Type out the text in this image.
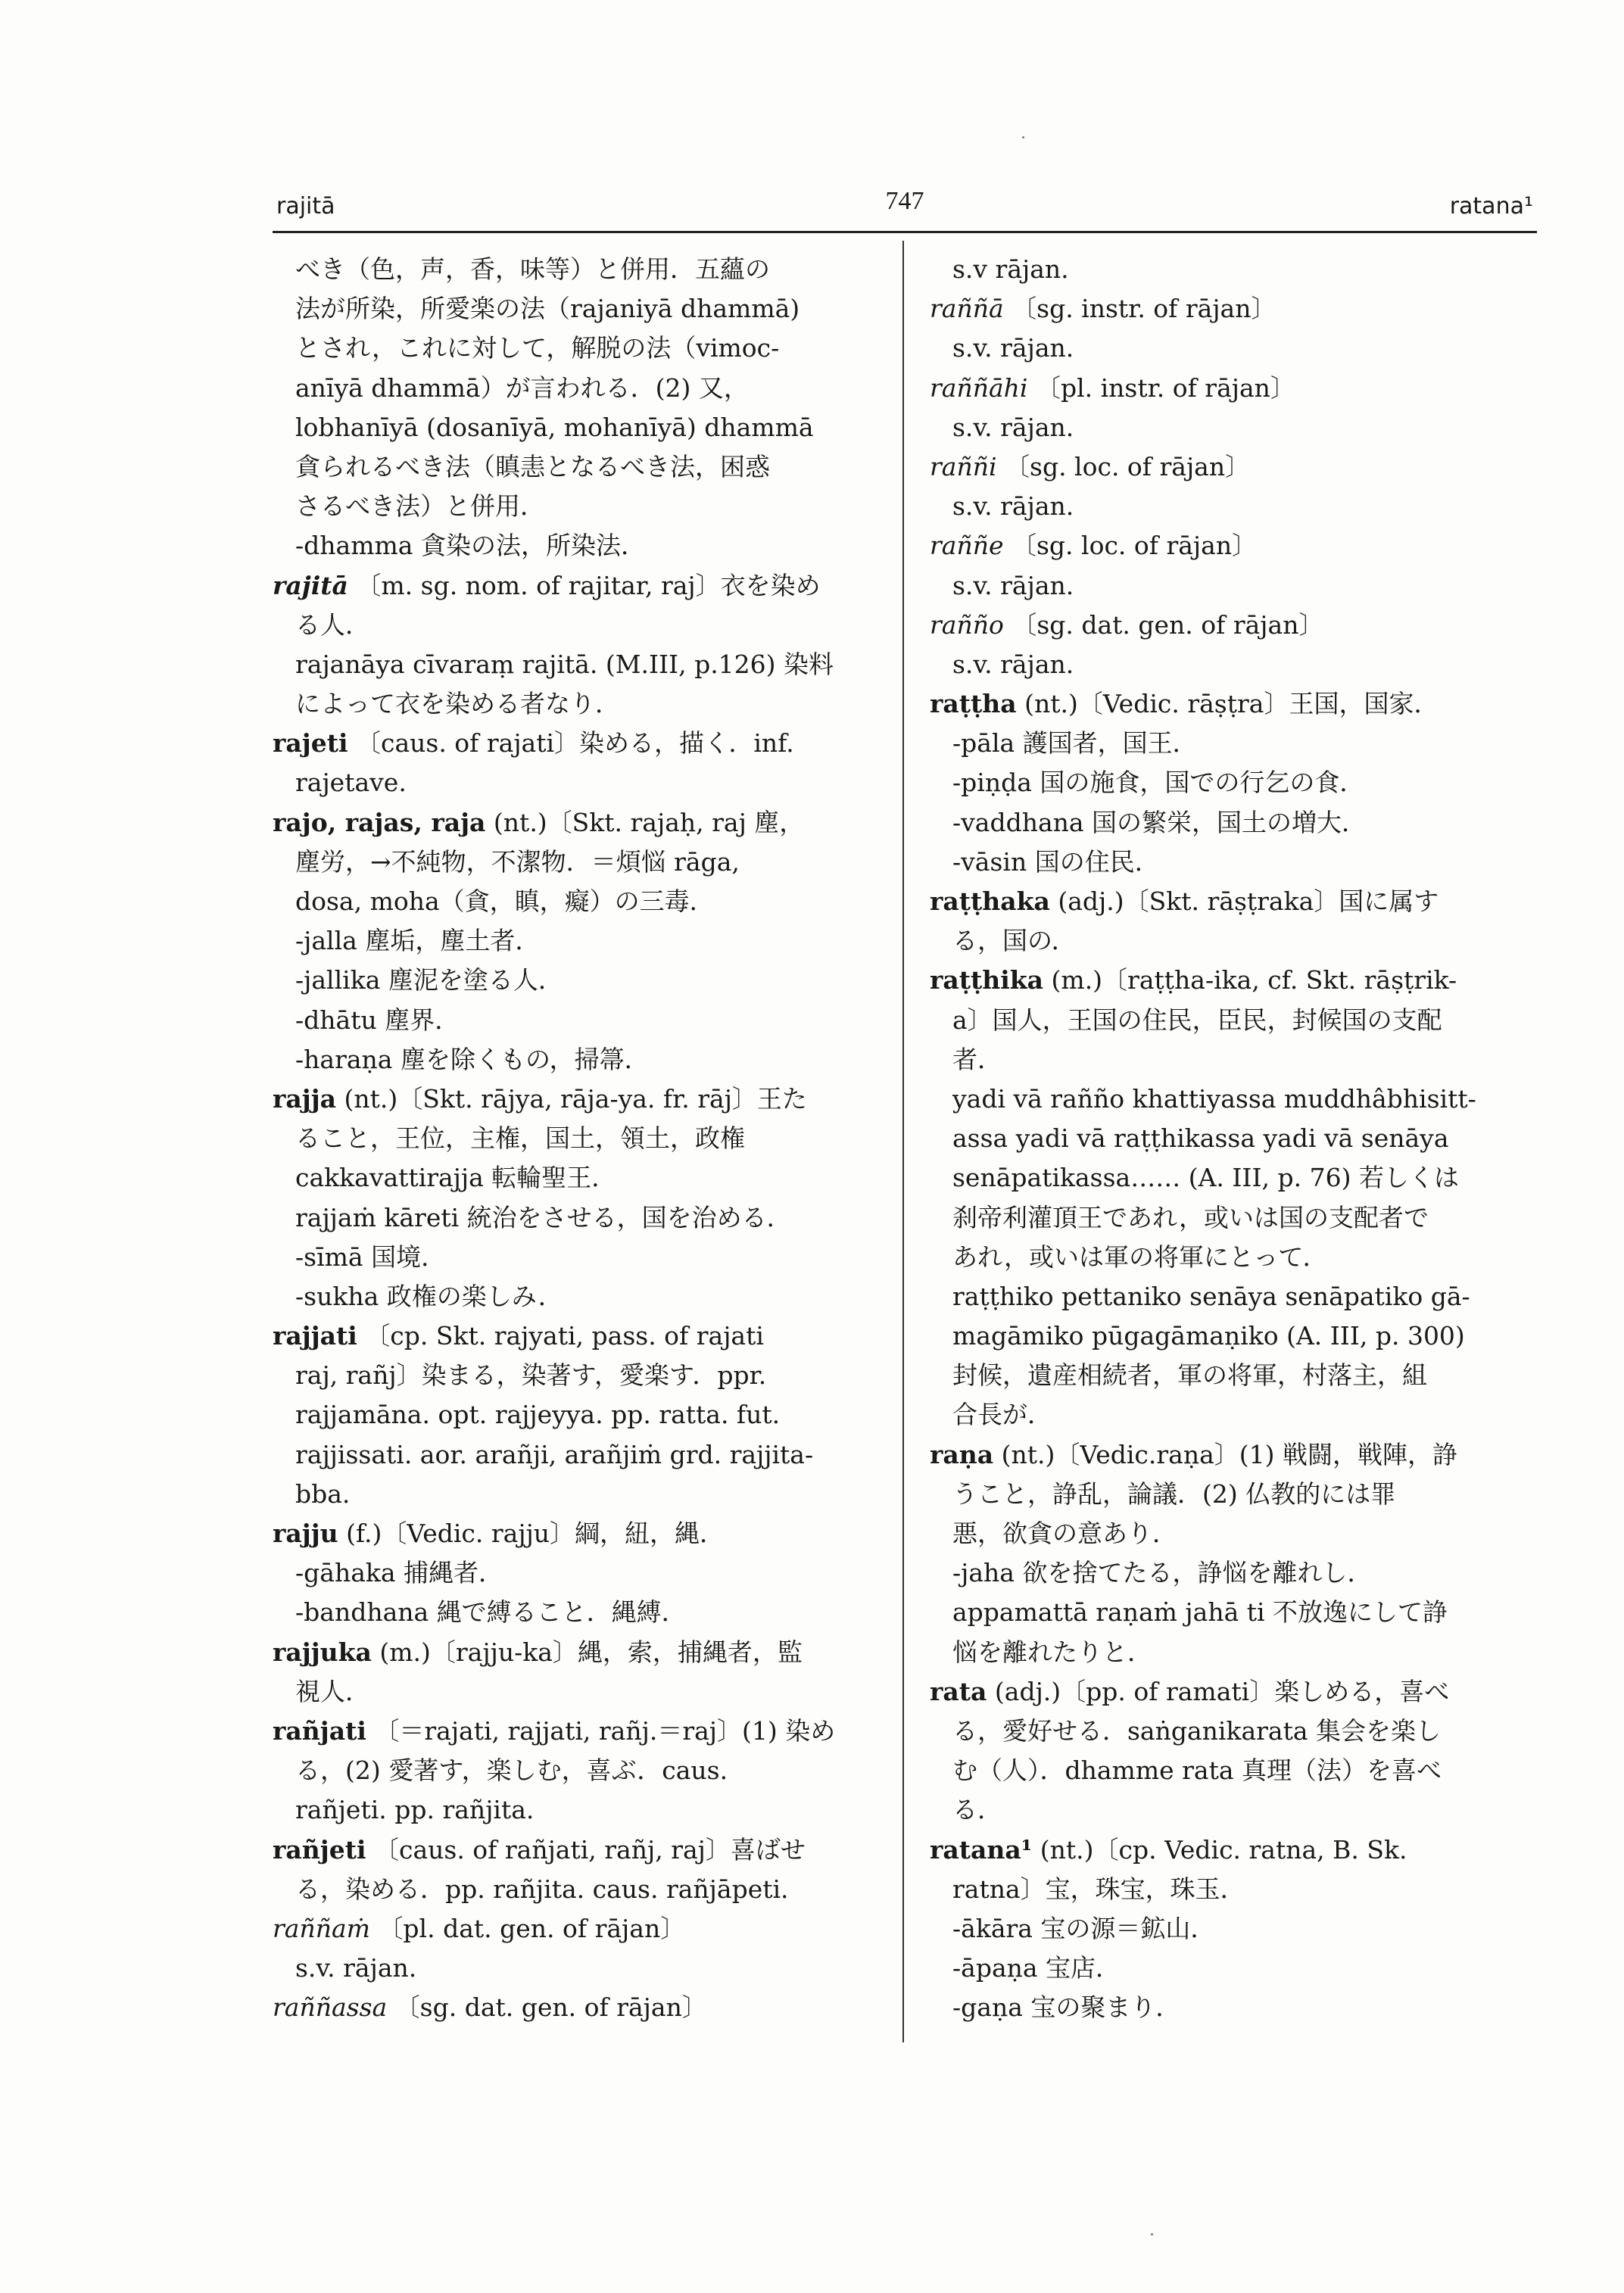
rajitā	747	ratana¹
べき（色，声，香，味等）と併用．五蘊の
法が所染，所愛楽の法（rajaniyā dhammā)
とされ，これに対して，解脱の法（vimoc-
anīyā dhammā）が言われる．(2) 又，
lobhanīyā (dosanīyā, mohanīyā) dhammā
貪られるべき法（瞋恚となるべき法，困惑
さるべき法）と併用．
-dhamma 貪染の法，所染法．
rajitā 〔m. sg. nom. of rajitar, raj〕衣を染め
る人．
rajanāya cīvaraṃ rajitā. (M.III, p.126) 染料
によって衣を染める者なり．
rajeti 〔caus. of rajati〕染める，描く．inf.
rajetave.
rajo, rajas, raja (nt.)〔Skt. rajaḥ, raj 塵，
塵労，→不純物，不潔物．＝煩悩 rāga,
dosa, moha（貪，瞋，癡）の三毒．
-jalla 塵垢，塵土者．
-jallika 塵泥を塗る人．
-dhātu 塵界．
-haraṇa 塵を除くもの，掃箒．
rajja (nt.)〔Skt. rājya, rāja-ya. fr. rāj〕王た
ること，王位，主権，国土，領土，政権
cakkavattirajja 転輪聖王．
rajjaṁ kāreti 統治をさせる，国を治める．
-sīmā 国境．
-sukha 政権の楽しみ．
rajjati 〔cp. Skt. rajyati, pass. of rajati
raj, rañj〕染まる，染著す，愛楽す．ppr.
rajjamāna. opt. rajjeyya. pp. ratta. fut.
rajjissati. aor. arañji, arañjiṁ grd. rajjita-
bba.
rajju (f.)〔Vedic. rajju〕綱，紐，縄．
-gāhaka 捕縄者．
-bandhana 縄で縛ること．縄縛．
rajjuka (m.)〔rajju-ka〕縄，索，捕縄者，監
視人．
rañjati 〔＝rajati, rajjati, rañj.＝raj〕(1) 染め
る，(2) 愛著す，楽しむ，喜ぶ．caus.
rañjeti. pp. rañjita.
rañjeti 〔caus. of rañjati, rañj, raj〕喜ばせ
る，染める．pp. rañjita. caus. rañjāpeti.
raññaṁ 〔pl. dat. gen. of rājan〕
s.v. rājan.
raññassa 〔sg. dat. gen. of rājan〕
s.v rājan.
raññā 〔sg. instr. of rājan〕
s.v. rājan.
raññāhi 〔pl. instr. of rājan〕
s.v. rājan.
raññi 〔sg. loc. of rājan〕
s.v. rājan.
raññe 〔sg. loc. of rājan〕
s.v. rājan.
rañño 〔sg. dat. gen. of rājan〕
s.v. rājan.
raṭṭha (nt.)〔Vedic. rāṣṭra〕王国，国家．
-pāla 護国者，国王．
-piṇḍa 国の施食，国での行乞の食．
-vaddhana 国の繁栄，国土の増大．
-vāsin 国の住民．
raṭṭhaka (adj.)〔Skt. rāṣṭraka〕国に属す
る，国の．
raṭṭhika (m.)〔raṭṭha-ika, cf. Skt. rāṣṭrik-
a〕国人，王国の住民，臣民，封候国の支配
者．
yadi vā rañño khattiyassa muddhâbhisitt-
assa yadi vā raṭṭhikassa yadi vā senāya
senāpatikassa…… (A. III, p. 76) 若しくは
刹帝利灌頂王であれ，或いは国の支配者で
あれ，或いは軍の将軍にとって．
raṭṭhiko pettaniko senāya senāpatiko gā-
magāmiko pūgagāmaṇiko (A. III, p. 300)
封候，遺産相続者，軍の将軍，村落主，組
合長が．
raṇa (nt.)〔Vedic.raṇa〕(1) 戦闘，戦陣，諍
うこと，諍乱，論議．(2) 仏教的には罪
悪，欲貪の意あり．
-jaha 欲を捨てたる，諍悩を離れし．
appamattā raṇaṁ jahā ti 不放逸にして諍
悩を離れたりと．
rata (adj.)〔pp. of ramati〕楽しめる，喜べ
る，愛好せる．saṅganikarata 集会を楽し
む（人）．dhamme rata 真理（法）を喜べ
る．
ratana¹ (nt.)〔cp. Vedic. ratna, B. Sk.
ratna〕宝，珠宝，珠玉．
-ākāra 宝の源＝鉱山．
-āpaṇa 宝店．
-gaṇa 宝の聚まり．
